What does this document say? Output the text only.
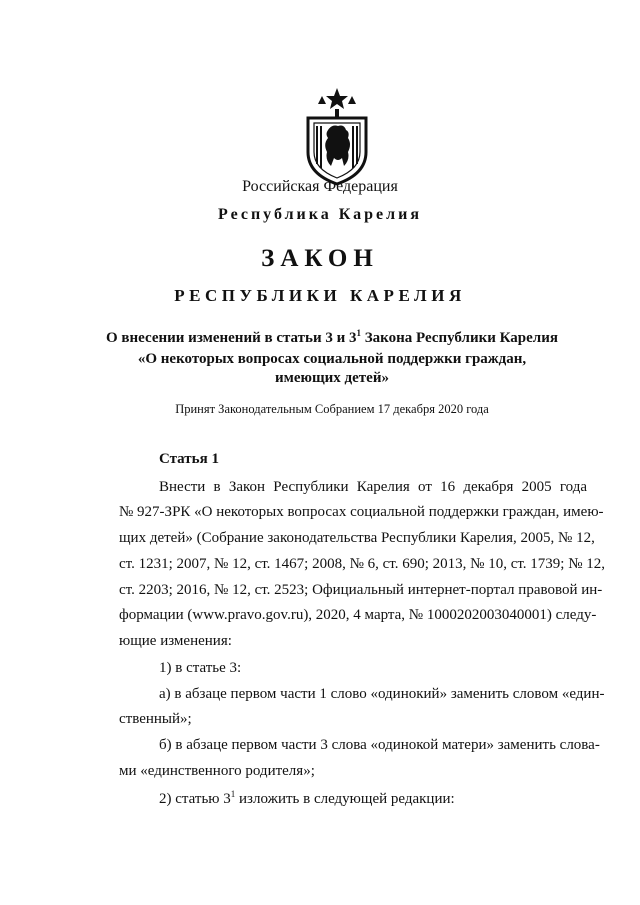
Российская Федерация
Республика Карелия
ЗАКОН
РЕСПУБЛИКИ КАРЕЛИЯ
О внесении изменений в статьи 3 и $3^1$ Закона Республики Карелия
«О некоторых вопросах социальной поддержки граждан,
имеющих детей»
Принят Законодательным Собранием 17 декабря 2020 года
Статья 1
Внести в Закон Республики Карелия от 16 декабря 2005 года
№ 927-ЗРК «О некоторых вопросах социальной поддержки граждан, имею-
щих детей» (Собрание законодательства Республики Карелия, 2005, № 12,
ст. 1231; 2007, № 12, ст. 1467; 2008, № 6, ст. 690; 2013, № 10, ст. 1739; № 12,
ст. 2203; 2016, № 12, ст. 2523; Официальный интернет-портал правовой ин-
формации (www.pravo.gov.ru), 2020, 4 марта, № 1000202003040001) следу-
ющие изменения:
1) в статье 3:
а) в абзаце первом части 1 слово «одинокий» заменить словом «един-
ственный»;
б) в абзаце первом части 3 слова «одинокой матери» заменить слова-
ми «единственного родителя»;
2) статью $3^1$ изложить в следующей редакции:
